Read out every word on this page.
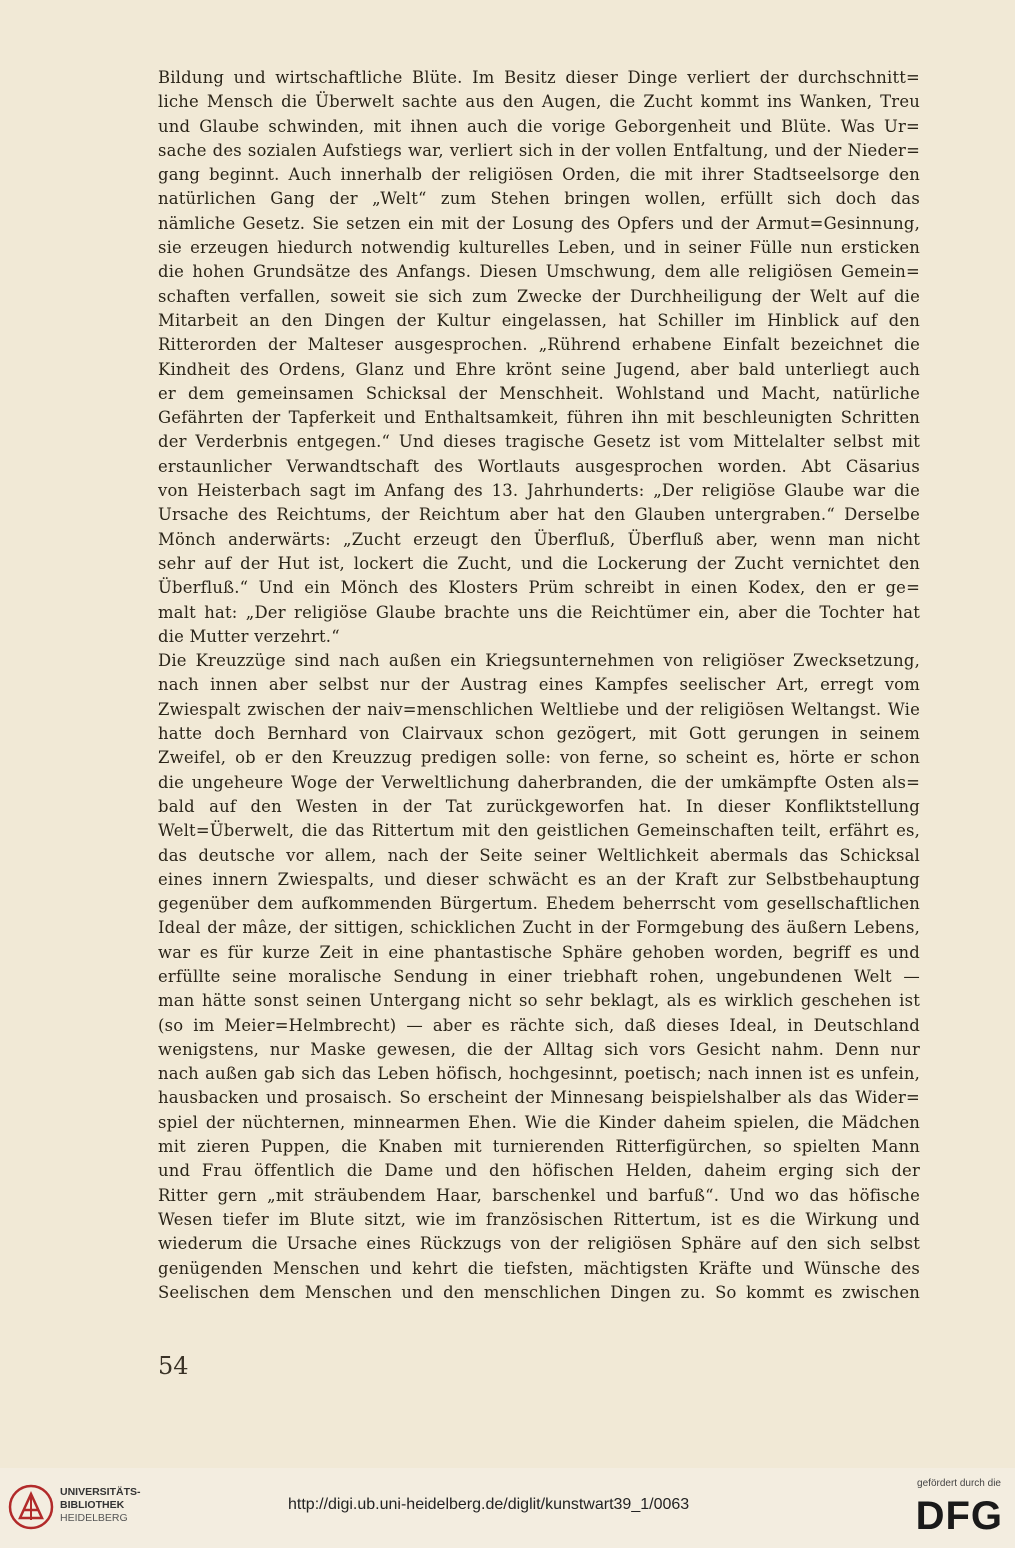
Bildung und wirtschaftliche Blüte. Im Besitz dieser Dinge verliert der durchschnitt=
liche Mensch die Überwelt sachte aus den Augen, die Zucht kommt ins Wanken, Treu
und Glaube schwinden, mit ihnen auch die vorige Geborgenheit und Blüte. Was Ur=
sache des sozialen Aufstiegs war, verliert sich in der vollen Entfaltung, und der Nieder=
gang beginnt. Auch innerhalb der religiösen Orden, die mit ihrer Stadtseelsorge den
natürlichen Gang der „Welt“ zum Stehen bringen wollen, erfüllt sich doch das
nämliche Gesetz. Sie setzen ein mit der Losung des Opfers und der Armut=Gesinnung,
sie erzeugen hiedurch notwendig kulturelles Leben, und in seiner Fülle nun ersticken
die hohen Grundsätze des Anfangs. Diesen Umschwung, dem alle religiösen Gemein=
schaften verfallen, soweit sie sich zum Zwecke der Durchheiligung der Welt auf die
Mitarbeit an den Dingen der Kultur eingelassen, hat Schiller im Hinblick auf den
Ritterorden der Malteser ausgesprochen. „Rührend erhabene Einfalt bezeichnet die
Kindheit des Ordens, Glanz und Ehre krönt seine Jugend, aber bald unterliegt auch
er dem gemeinsamen Schicksal der Menschheit. Wohlstand und Macht, natürliche
Gefährten der Tapferkeit und Enthaltsamkeit, führen ihn mit beschleunigten Schritten
der Verderbnis entgegen.“ Und dieses tragische Gesetz ist vom Mittelalter selbst mit
erstaunlicher Verwandtschaft des Wortlauts ausgesprochen worden. Abt Cäsarius
von Heisterbach sagt im Anfang des 13. Jahrhunderts: „Der religiöse Glaube war die
Ursache des Reichtums, der Reichtum aber hat den Glauben untergraben.“ Derselbe
Mönch anderwärts: „Zucht erzeugt den Überfluß, Überfluß aber, wenn man nicht
sehr auf der Hut ist, lockert die Zucht, und die Lockerung der Zucht vernichtet den
Überfluß.“ Und ein Mönch des Klosters Prüm schreibt in einen Kodex, den er ge=
malt hat: „Der religiöse Glaube brachte uns die Reichtümer ein, aber die Tochter hat
die Mutter verzehrt.“
Die Kreuzzüge sind nach außen ein Kriegsunternehmen von religiöser Zwecksetzung,
nach innen aber selbst nur der Austrag eines Kampfes seelischer Art, erregt vom
Zwiespalt zwischen der naiv=menschlichen Weltliebe und der religiösen Weltangst. Wie
hatte doch Bernhard von Clairvaux schon gezögert, mit Gott gerungen in seinem
Zweifel, ob er den Kreuzzug predigen solle: von ferne, so scheint es, hörte er schon
die ungeheure Woge der Verweltlichung daherbranden, die der umkämpfte Osten als=
bald auf den Westen in der Tat zurückgeworfen hat. In dieser Konfliktstellung
Welt=Überwelt, die das Rittertum mit den geistlichen Gemeinschaften teilt, erfährt es,
das deutsche vor allem, nach der Seite seiner Weltlichkeit abermals das Schicksal
eines innern Zwiespalts, und dieser schwächt es an der Kraft zur Selbstbehauptung
gegenüber dem aufkommenden Bürgertum. Ehedem beherrscht vom gesellschaftlichen
Ideal der mâze, der sittigen, schicklichen Zucht in der Formgebung des äußern Lebens,
war es für kurze Zeit in eine phantastische Sphäre gehoben worden, begriff es und
erfüllte seine moralische Sendung in einer triebhaft rohen, ungebundenen Welt —
man hätte sonst seinen Untergang nicht so sehr beklagt, als es wirklich geschehen ist
(so im Meier=Helmbrecht) — aber es rächte sich, daß dieses Ideal, in Deutschland
wenigstens, nur Maske gewesen, die der Alltag sich vors Gesicht nahm. Denn nur
nach außen gab sich das Leben höfisch, hochgesinnt, poetisch; nach innen ist es unfein,
hausbacken und prosaisch. So erscheint der Minnesang beispielshalber als das Wider=
spiel der nüchternen, minnearmen Ehen. Wie die Kinder daheim spielen, die Mädchen
mit zieren Puppen, die Knaben mit turnierenden Ritterfigürchen, so spielten Mann
und Frau öffentlich die Dame und den höfischen Helden, daheim erging sich der
Ritter gern „mit sträubendem Haar, barschenkel und barfuß“. Und wo das höfische
Wesen tiefer im Blute sitzt, wie im französischen Rittertum, ist es die Wirkung und
wiederum die Ursache eines Rückzugs von der religiösen Sphäre auf den sich selbst
genügenden Menschen und kehrt die tiefsten, mächtigsten Kräfte und Wünsche des
Seelischen dem Menschen und den menschlichen Dingen zu. So kommt es zwischen
54
UNIVERSITÄTS-
BIBLIOTHEK
HEIDELBERG
http://digi.ub.uni-heidelberg.de/diglit/kunstwart39_1/0063
gefördert durch die
DFG
